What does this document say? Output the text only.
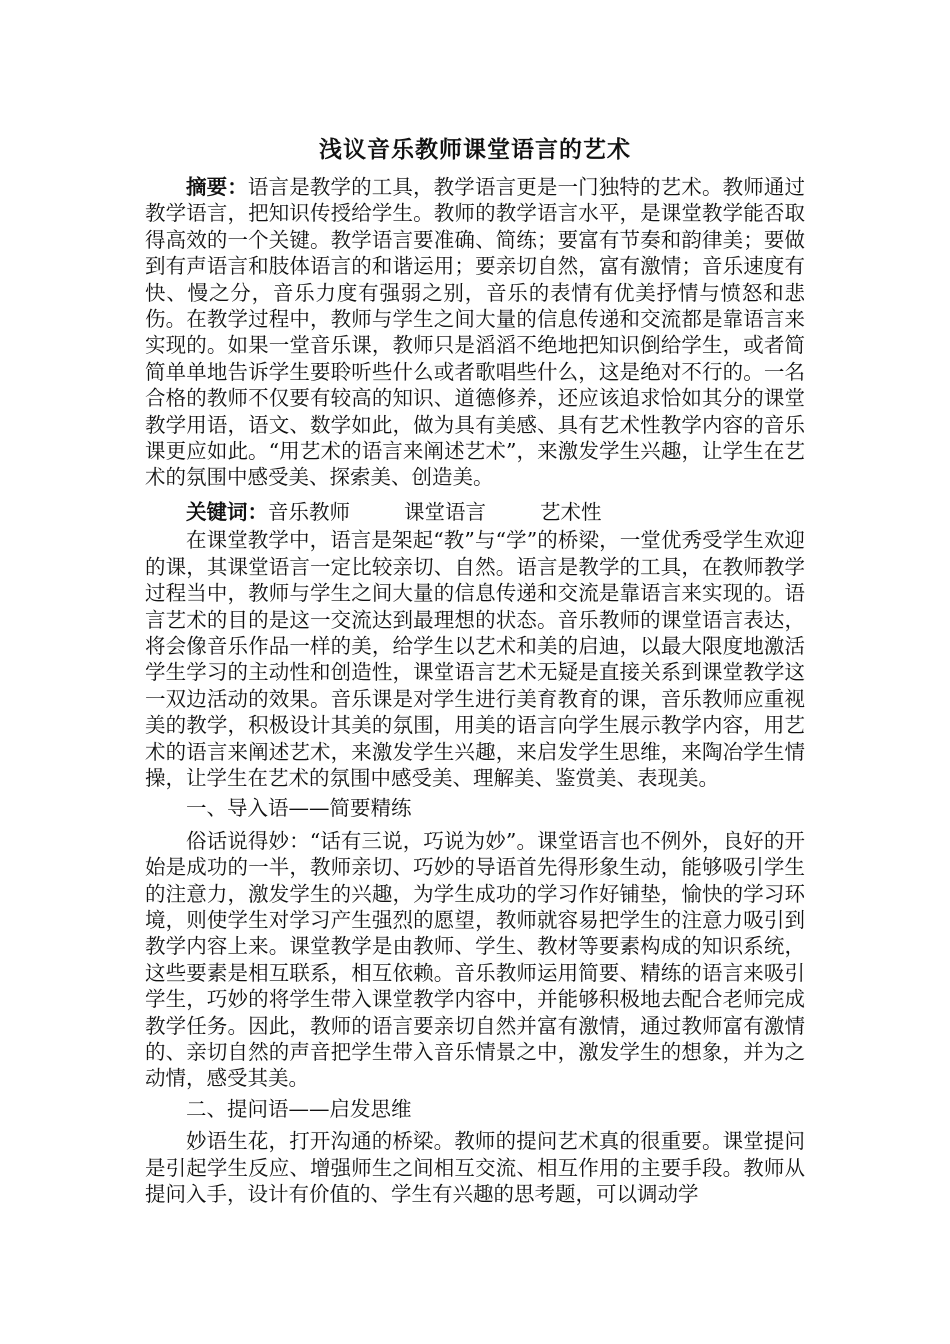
浅议音乐教师课堂语言的艺术

摘要：语言是教学的工具，教学语言更是一门独特的艺术。教师通过教学语言，把知识传授给学生。教师的教学语言水平，是课堂教学能否取得高效的一个关键。教学语言要准确、简练；要富有节奏和韵律美；要做到有声语言和肢体语言的和谐运用；要亲切自然，富有激情；音乐速度有快、慢之分，音乐力度有强弱之别，音乐的表情有优美抒情与愤怒和悲伤。在教学过程中，教师与学生之间大量的信息传递和交流都是靠语言来实现的。如果一堂音乐课，教师只是滔滔不绝地把知识倒给学生，或者简简单单地告诉学生要聆听些什么或者歌唱些什么，这是绝对不行的。一名合格的教师不仅要有较高的知识、道德修养，还应该追求恰如其分的课堂教学用语，语文、数学如此，做为具有美感、具有艺术性教学内容的音乐课更应如此。“用艺术的语言来阐述艺术”，来激发学生兴趣，让学生在艺术的氛围中感受美、探索美、创造美。

关键词：音乐教师	课堂语言	艺术性

在课堂教学中，语言是架起“教”与“学”的桥梁，一堂优秀受学生欢迎的课，其课堂语言一定比较亲切、自然。语言是教学的工具，在教师教学过程当中，教师与学生之间大量的信息传递和交流是靠语言来实现的。语言艺术的目的是这一交流达到最理想的状态。音乐教师的课堂语言表达，将会像音乐作品一样的美，给学生以艺术和美的启迪，以最大限度地激活学生学习的主动性和创造性，课堂语言艺术无疑是直接关系到课堂教学这一双边活动的效果。音乐课是对学生进行美育教育的课，音乐教师应重视美的教学，积极设计其美的氛围，用美的语言向学生展示教学内容，用艺术的语言来阐述艺术，来激发学生兴趣，来启发学生思维，来陶冶学生情操，让学生在艺术的氛围中感受美、理解美、鉴赏美、表现美。

一、导入语——简要精练

俗话说得妙：“话有三说，巧说为妙”。课堂语言也不例外，良好的开始是成功的一半，教师亲切、巧妙的导语首先得形象生动，能够吸引学生的注意力，激发学生的兴趣，为学生成功的学习作好铺垫，愉快的学习环境，则使学生对学习产生强烈的愿望，教师就容易把学生的注意力吸引到教学内容上来。课堂教学是由教师、学生、教材等要素构成的知识系统，这些要素是相互联系，相互依赖。音乐教师运用简要、精练的语言来吸引学生，巧妙的将学生带入课堂教学内容中，并能够积极地去配合老师完成教学任务。因此，教师的语言要亲切自然并富有激情，通过教师富有激情的、亲切自然的声音把学生带入音乐情景之中，激发学生的想象，并为之动情，感受其美。

二、提问语——启发思维

妙语生花，打开沟通的桥梁。教师的提问艺术真的很重要。课堂提问是引起学生反应、增强师生之间相互交流、相互作用的主要手段。教师从提问入手，设计有价值的、学生有兴趣的思考题，可以调动学
